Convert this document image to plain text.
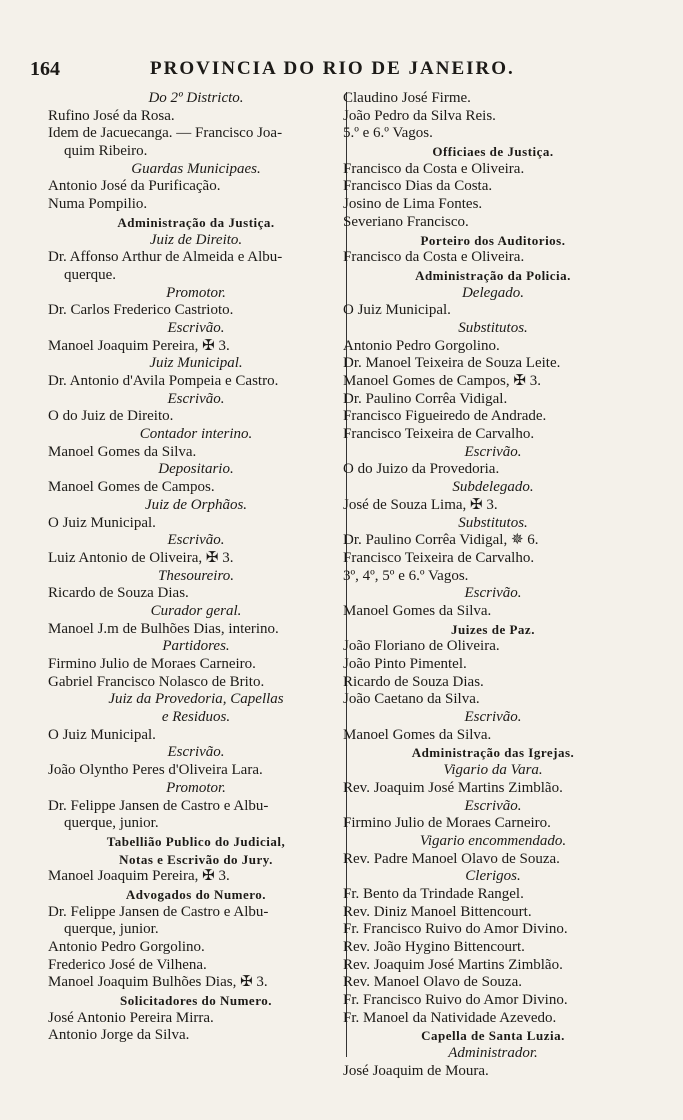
164	PROVINCIA DO RIO DE JANEIRO.
Do 2º Districto.
Rufino José da Rosa.
Idem de Jacuecanga. — Francisco Joa-
quim Ribeiro.
Guardas Municipaes.
Antonio José da Purificação.
Numa Pompilio.
Administração da Justiça.
Juiz de Direito.
Dr. Affonso Arthur de Almeida e Albu-
querque.
Promotor.
Dr. Carlos Frederico Castrioto.
Escrivão.
Manoel Joaquim Pereira, ✠ 3.
Juiz Municipal.
Dr. Antonio d'Avila Pompeia e Castro.
Escrivão.
O do Juiz de Direito.
Contador interino.
Manoel Gomes da Silva.
Depositario.
Manoel Gomes de Campos.
Juiz de Orphãos.
O Juiz Municipal.
Escrivão.
Luiz Antonio de Oliveira, ✠ 3.
Thesoureiro.
Ricardo de Souza Dias.
Curador geral.
Manoel J.m de Bulhões Dias, interino.
Partidores.
Firmino Julio de Moraes Carneiro.
Gabriel Francisco Nolasco de Brito.
Juiz da Provedoria, Capellas
e Residuos.
O Juiz Municipal.
Escrivão.
João Olyntho Peres d'Oliveira Lara.
Promotor.
Dr. Felippe Jansen de Castro e Albu-
querque, junior.
Tabellião Publico do Judicial,
Notas e Escrivão do Jury.
Manoel Joaquim Pereira, ✠ 3.
Advogados do Numero.
Dr. Felippe Jansen de Castro e Albu-
querque, junior.
Antonio Pedro Gorgolino.
Frederico José de Vilhena.
Manoel Joaquim Bulhões Dias, ✠ 3.
Solicitadores do Numero.
José Antonio Pereira Mirra.
Antonio Jorge da Silva.
Claudino José Firme.
João Pedro da Silva Reis.
5.º e 6.º Vagos.
Officiaes de Justiça.
Francisco da Costa e Oliveira.
Francisco Dias da Costa.
Josino de Lima Fontes.
Severiano Francisco.
Porteiro dos Auditorios.
Francisco da Costa e Oliveira.
Administração da Policia.
Delegado.
O Juiz Municipal.
Substitutos.
Antonio Pedro Gorgolino.
Dr. Manoel Teixeira de Souza Leite.
Manoel Gomes de Campos, ✠ 3.
Dr. Paulino Corrêa Vidigal.
Francisco Figueiredo de Andrade.
Francisco Teixeira de Carvalho.
Escrivão.
O do Juizo da Provedoria.
Subdelegado.
José de Souza Lima, ✠ 3.
Substitutos.
Dr. Paulino Corrêa Vidigal, ✵ 6.
Francisco Teixeira de Carvalho.
3º, 4º, 5º e 6.º Vagos.
Escrivão.
Manoel Gomes da Silva.
Juizes de Paz.
João Floriano de Oliveira.
João Pinto Pimentel.
Ricardo de Souza Dias.
João Caetano da Silva.
Escrivão.
Manoel Gomes da Silva.
Administração das Igrejas.
Vigario da Vara.
Rev. Joaquim José Martins Zimblão.
Escrivão.
Firmino Julio de Moraes Carneiro.
Vigario encommendado.
Rev. Padre Manoel Olavo de Souza.
Clerigos.
Fr. Bento da Trindade Rangel.
Rev. Diniz Manoel Bittencourt.
Fr. Francisco Ruivo do Amor Divino.
Rev. João Hygino Bittencourt.
Rev. Joaquim José Martins Zimblão.
Rev. Manoel Olavo de Souza.
Fr. Francisco Ruivo do Amor Divino.
Fr. Manoel da Natividade Azevedo.
Capella de Santa Luzia.
Administrador.
José Joaquim de Moura.
